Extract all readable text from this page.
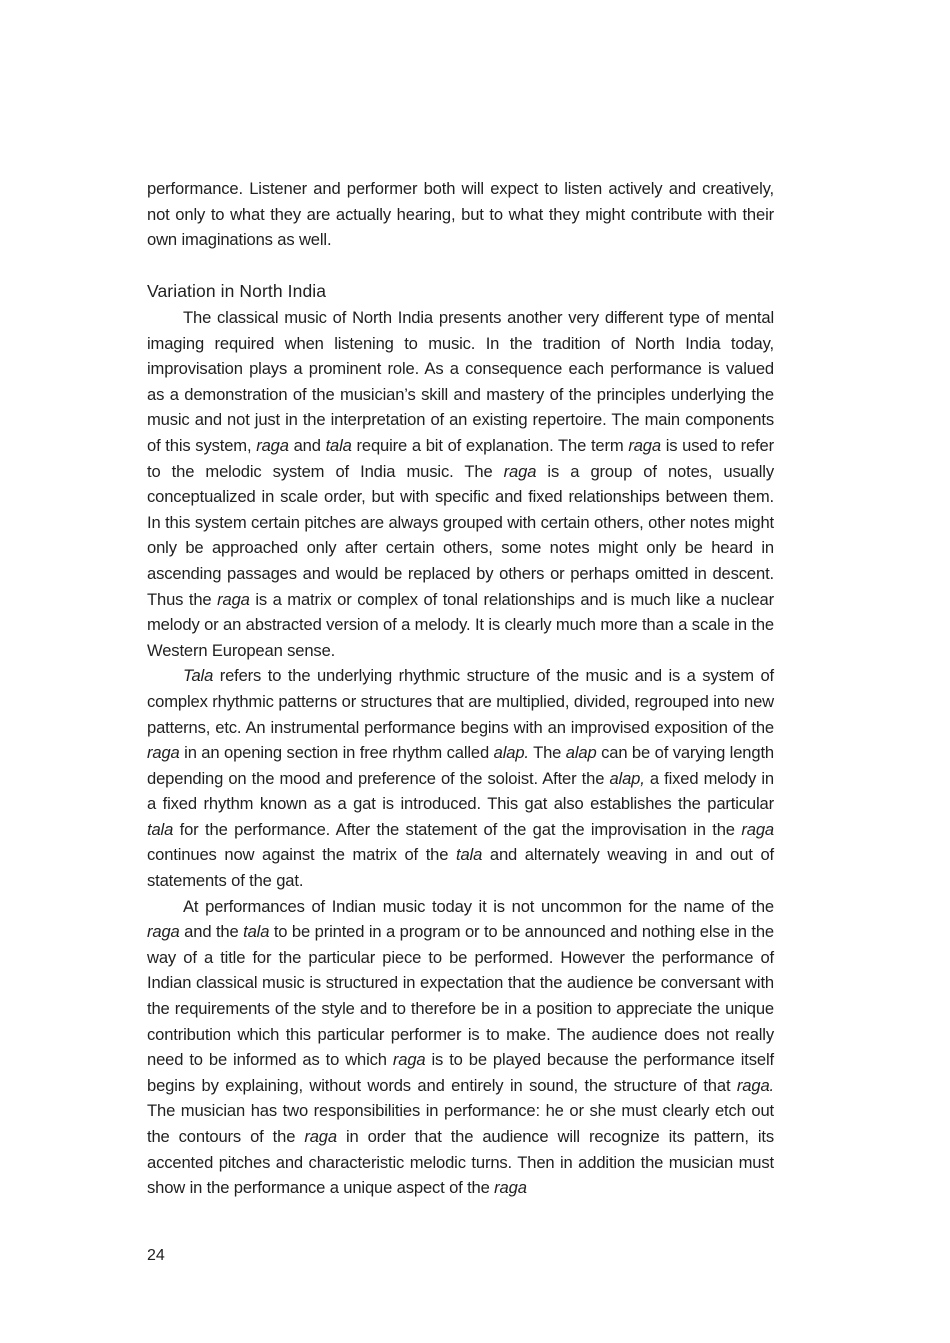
performance. Listener and performer both will expect to listen actively and creatively, not only to what they are actually hearing, but to what they might contribute with their own imaginations as well.

Variation in North India

The classical music of North India presents another very different type of mental imaging required when listening to music. In the tradition of North India today, improvisation plays a prominent role. As a consequence each performance is valued as a demonstration of the musician’s skill and mastery of the principles underlying the music and not just in the interpretation of an existing repertoire. The main components of this system, raga and tala require a bit of explanation. The term raga is used to refer to the melodic system of India music. The raga is a group of notes, usually conceptualized in scale order, but with specific and fixed relationships between them. In this system certain pitches are always grouped with certain others, other notes might only be approached only after certain others, some notes might only be heard in ascending passages and would be replaced by others or perhaps omitted in descent. Thus the raga is a matrix or complex of tonal relationships and is much like a nuclear melody or an abstracted version of a melody. It is clearly much more than a scale in the Western European sense.

Tala refers to the underlying rhythmic structure of the music and is a system of complex rhythmic patterns or structures that are multiplied, divided, regrouped into new patterns, etc. An instrumental performance begins with an improvised exposition of the raga in an opening section in free rhythm called alap. The alap can be of varying length depending on the mood and preference of the soloist. After the alap, a fixed melody in a fixed rhythm known as a gat is introduced. This gat also establishes the particular tala for the performance. After the statement of the gat the improvisation in the raga continues now against the matrix of the tala and alternately weaving in and out of statements of the gat.

At performances of Indian music today it is not uncommon for the name of the raga and the tala to be printed in a program or to be announced and nothing else in the way of a title for the particular piece to be performed. However the performance of Indian classical music is structured in expectation that the audience be conversant with the requirements of the style and to therefore be in a position to appreciate the unique contribution which this particular performer is to make. The audience does not really need to be informed as to which raga is to be played because the performance itself begins by explaining, without words and entirely in sound, the structure of that raga. The musician has two responsibilities in performance: he or she must clearly etch out the contours of the raga in order that the audience will recognize its pattern, its accented pitches and characteristic melodic turns. Then in addition the musician must show in the performance a unique aspect of the raga

24
